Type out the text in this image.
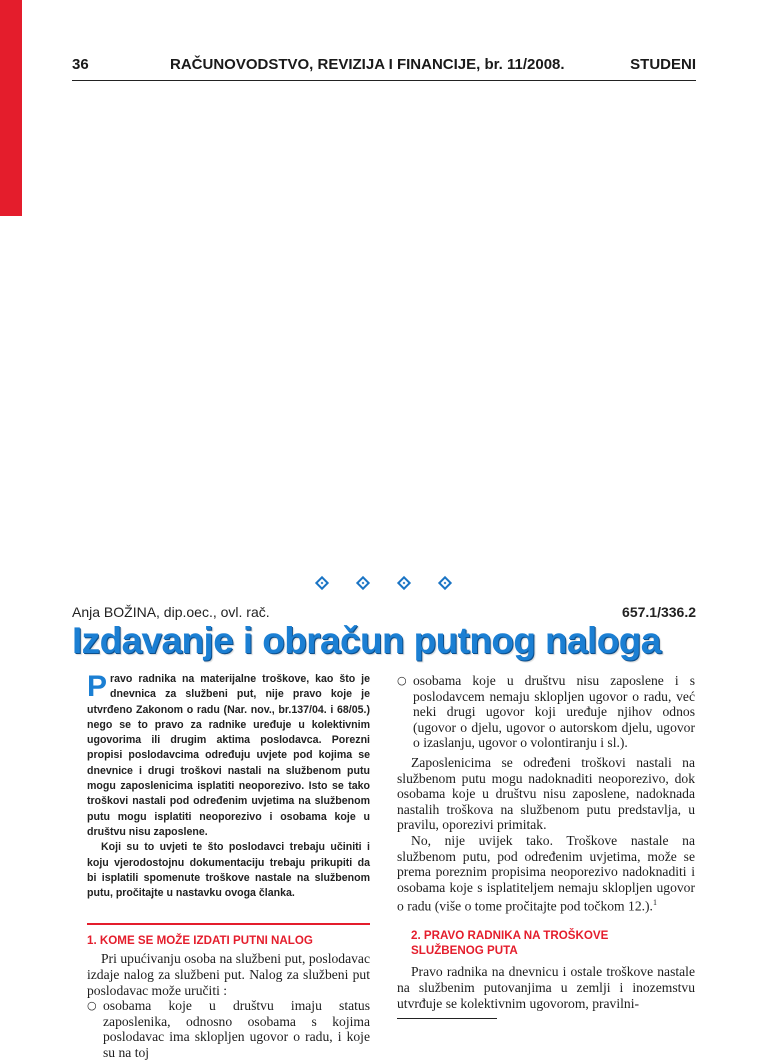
36	RAČUNOVODSTVO, REVIZIJA I FINANCIJE, br. 11/2008.	STUDENI
Anja BOŽINA, dip.oec., ovl. rač.	657.1/336.2
Izdavanje i obračun putnog naloga

Pravo radnika na materijalne troškove, kao što je dnevnica za službeni put, nije pravo koje je utvrđeno Zakonom o radu (Nar. nov., br.137/04. i 68/05.) nego se to pravo za radnike uređuje u kolektivnim ugovorima ili drugim aktima poslodavca. Porezni propisi poslodavcima određuju uvjete pod kojima se dnevnice i drugi troškovi nastali na službenom putu mogu zaposlenicima isplatiti neoporezivo. Isto se tako troškovi nastali pod određenim uvjetima na službenom putu mogu isplatiti neoporezivo i osobama koje u društvu nisu zaposlene.

Koji su to uvjeti te što poslodavci trebaju učiniti i koju vjerodostojnu dokumentaciju trebaju prikupiti da bi isplatili spomenute troškove nastale na službenom putu, pročitajte u nastavku ovoga članka.

1. KOME SE MOŽE IZDATI PUTNI NALOG

Pri upućivanju osoba na službeni put, poslodavac izdaje nalog za službeni put. Nalog za službeni put poslodavac može uručiti :

○ osobama koje u društvu imaju status zaposlenika, odnosno osobama s kojima poslodavac ima sklopljen ugovor o radu, i koje su na toj

○ osobama koje u društvu nisu zaposlene i s poslodavcem nemaju sklopljen ugovor o radu, već neki drugi ugovor koji uređuje njihov odnos (ugovor o djelu, ugovor o autorskom djelu, ugovor o izaslanju, ugovor o volontiranju i sl.).

Zaposlenicima se određeni troškovi nastali na službenom putu mogu nadoknaditi neoporezivo, dok osobama koje u društvu nisu zaposlene, nadoknada nastalih troškova na službenom putu predstavlja, u pravilu, oporezivi primitak.

No, nije uvijek tako. Troškove nastale na službenom putu, pod određenim uvjetima, može se prema poreznim propisima neoporezivo nadoknaditi i osobama koje s isplatiteljem nemaju sklopljen ugovor o radu (više o tome pročitajte pod točkom 12.).$^1$

2. PRAVO RADNIKA NA TROŠKOVE
SLUŽBENOG PUTA

Pravo radnika na dnevnicu i ostale troškove nastale na službenim putovanjima u zemlji i inozemstvu utvrđuje se kolektivnim ugovorom, pravilni-
